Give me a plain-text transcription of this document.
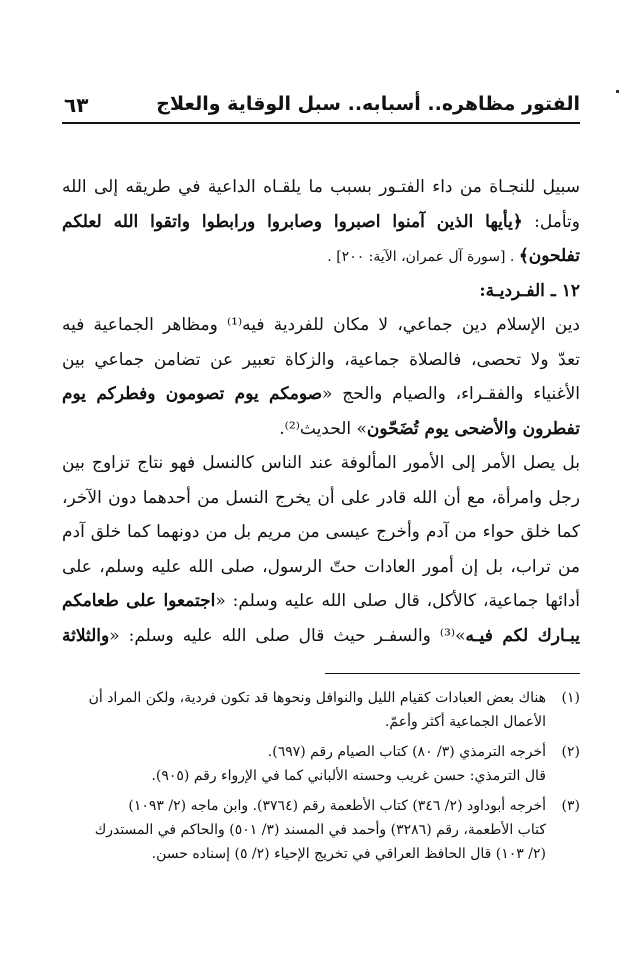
الفتور مظاهره.. أسبابه.. سبل الوقاية والعلاج
٦٣
سبيل للنجـاة من داء الفتـور بسبب ما يلقـاه الداعية في طريقه إلى الله
وتأمل: ﴿يأيها الذين آمنوا اصبروا وصابروا ورابطوا واتقوا الله لعلكم
تفلحون﴾ . [سورة آل عمران، الآية: ٢٠٠] .
١٢ ـ الفـرديـة:
دين الإسلام دين جماعي، لا مكان للفردية فيه⁽¹⁾ ومظاهر الجماعية فيه
تعدّ ولا تحصى، فالصلاة جماعية، والزكاة تعبير عن تضامن جماعي بين
الأغنياء والفقـراء، والصيام والحج «صومكم يوم تصومون وفطركم يوم
تفطرون والأضحى يوم تُضَحّون» الحديث⁽²⁾.
بل يصل الأمر إلى الأمور المألوفة عند الناس كالنسل فهو نتاج تزاوج بين
رجل وامرأة، مع أن الله قادر على أن يخرج النسل من أحدهما دون الآخر،
كما خلق حواء من آدم وأخرج عيسى من مريم بل من دونهما كما خلق آدم
من تراب، بل إن أمور العادات حتّ الرسول، صلى الله عليه وسلم، على
أدائها جماعية، كالأكل، قال صلى الله عليه وسلم: «اجتمعوا على طعامكم
يبـارك لكم فيـه»⁽³⁾ والسفـر حيث قال صلى الله عليه وسلم: «والثلاثة
(١)هناك بعض العبادات كقيام الليل والنوافل ونحوها قد تكون فردية، ولكن المراد أن
الأعمال الجماعية أكثر وأعمّ.
(٢)أخرجه الترمذي (٣/ ٨٠) كتاب الصيام رقم (٦٩٧).
قال الترمذي: حسن غريب وحسنه الألباني كما في الإرواء رقم (٩٠٥).
(٣)أخرجه أبوداود (٢/ ٣٤٦) كتاب الأطعمة رقم (٣٧٦٤). وابن ماجه (٢/ ١٠٩٣)
كتاب الأطعمة، رقم (٣٢٨٦) وأحمد في المسند (٣/ ٥٠١) والحاكم في المستدرك
(٢/ ١٠٣) قال الحافظ العراقي في تخريج الإحياء (٢/ ٥) إسناده حسن.
